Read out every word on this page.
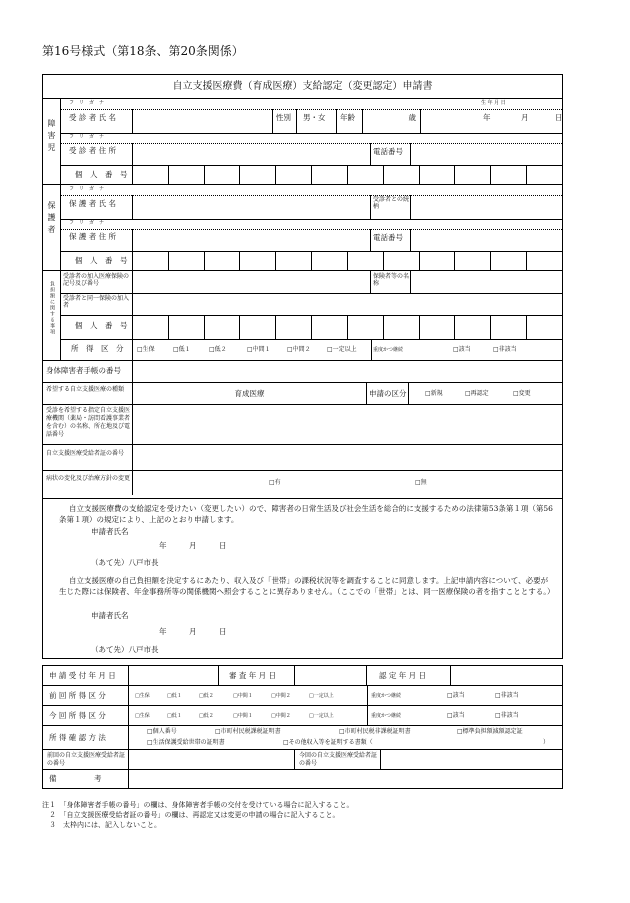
第16号様式（第18条、第20条関係）
自立支援医療費（育成医療）支給認定（変更認定）申請書
障害児
フ　リ　ガ　ナ	生 年 月 日
受 診 者 氏 名	性別 男・女 年齢	歳	年	月	日
フ　リ　ガ　ナ
受 診 者 住 所	電話番号
個　人　番　号
保護者
フ　リ　ガ　ナ
保 護 者 氏 名	受診者との続柄
フ　リ　ガ　ナ
保 護 者 住 所	電話番号
個　人　番　号
負担額に関する事項
受診者の加入医療保険の記号及び番号
保険者等の名称
受診者と同一保険の加入者
個　人　番　号
所　得　区　分 □生保	□低１	□低２	□中間１	□中間２	□一定以上	重度かつ継続	□該当	□非該当
身体障害者手帳の番号
希望する自立支援医療の種類	育成医療	申請の区分	□新規	□再認定	□変更
受診を希望する指定自立支援医療機関（薬局・訪問看護事業者を含む）の名称、所在地及び電話番号
自立支援医療受給者証の番号
病状の変化及び治療方針の変更
□有	□無
自立支援医療費の支給認定を受けたい（変更したい）ので、障害者の日常生活及び社会生活を総合的に支援するための法律第53条第１項（第56条第１項）の規定により、上記のとおり申請します。
申請者氏名
年　　　月　　　日
（あて先）八戸市長
自立支援医療の自己負担額を決定するにあたり、収入及び「世帯」の課税状況等を調査することに同意します。上記申請内容について、必要が生じた際には保険者、年金事務所等の関係機関へ照会することに異存ありません。（ここでの「世帯」とは、同一医療保険の者を指すこととする。）
申請者氏名
年　　　月　　　日
（あて先）八戸市長
申 請 受 付 年 月 日	審 査 年 月 日	認 定 年 月 日
前 回 所 得 区 分	□生保	□低１	□低２	□中間１	□中間２	□一定以上	重度かつ継続	□該当	□非該当
今 回 所 得 区 分	□生保	□低１	□低２	□中間１	□中間２	□一定以上	重度かつ継続	□該当	□非該当
所 得 確 認 方 法
□個人番号	□市町村民税課税証明書	□市町村民税非課税証明書	□標準負担額減額認定証
□生活保護受給世帯の証明書	□その他収入等を証明する書類（	）
前回の自立支援医療受給者証の番号
今回の自立支援医療受給者証の番号
備　　　　　考
注１　「身体障害者手帳の番号」の欄は、身体障害者手帳の交付を受けている場合に記入すること。
　２　「自立支援医療受給者証の番号」の欄は、再認定又は変更の申請の場合に記入すること。
　３　太枠内には、記入しないこと。
